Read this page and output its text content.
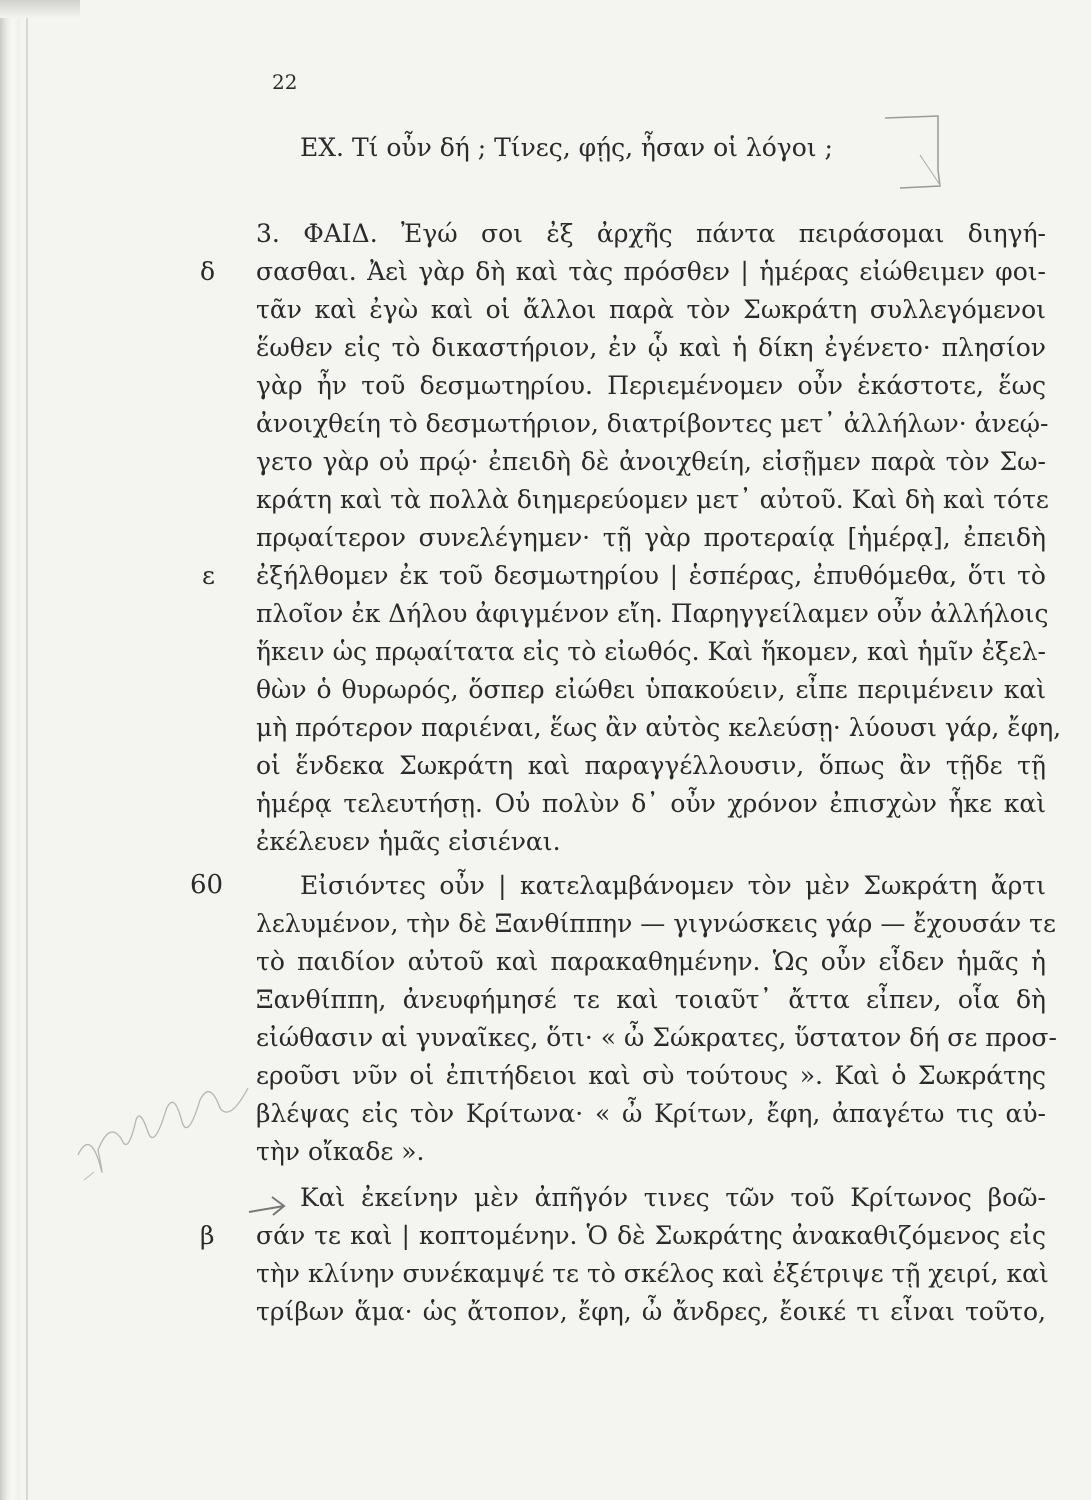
22

ΕΧ. Τί οὖν δή ; Τίνες, φῄς, ἦσαν οἱ λόγοι ;

3. ΦΑΙΔ. Ἐγώ σοι ἐξ ἀρχῆς πάντα πειράσομαι διηγή-

δ σασθαι. Ἀεὶ γὰρ δὴ καὶ τὰς πρόσθεν | ἡμέρας εἰώθειμεν φοι-

τᾶν καὶ ἐγὼ καὶ οἱ ἄλλοι παρὰ τὸν Σωκράτη συλλεγόμενοι

ἕωθεν εἰς τὸ δικαστήριον, ἐν ᾧ καὶ ἡ δίκη ἐγένετο· πλησίον

γὰρ ἦν τοῦ δεσμωτηρίου. Περιεμένομεν οὖν ἑκάστοτε, ἕως

ἀνοιχθείη τὸ δεσμωτήριον, διατρίβοντες μετ᾽ ἀλλήλων· ἀνεῴ-

γετο γὰρ οὐ πρῴ· ἐπειδὴ δὲ ἀνοιχθείη, εἰσῇμεν παρὰ τὸν Σω-

κράτη καὶ τὰ πολλὰ διημερεύομεν μετ᾽ αὐτοῦ. Καὶ δὴ καὶ τότε

πρῳαίτερον συνελέγημεν· τῇ γὰρ προτεραίᾳ [ἡμέρᾳ], ἐπειδὴ

ε ἐξήλθομεν ἐκ τοῦ δεσμωτηρίου | ἑσπέρας, ἐπυθόμεθα, ὅτι τὸ

πλοῖον ἐκ Δήλου ἀφιγμένον εἴη. Παρηγγείλαμεν οὖν ἀλλήλοις

ἥκειν ὡς πρῳαίτατα εἰς τὸ εἰωθός. Καὶ ἥκομεν, καὶ ἡμῖν ἐξελ-

θὼν ὁ θυρωρός, ὅσπερ εἰώθει ὑπακούειν, εἶπε περιμένειν καὶ

μὴ πρότερον παριέναι, ἕως ἂν αὐτὸς κελεύσῃ· λύουσι γάρ, ἔφη,

οἱ ἕνδεκα Σωκράτη καὶ παραγγέλλουσιν, ὅπως ἂν τῇδε τῇ

ἡμέρᾳ τελευτήσῃ. Οὐ πολὺν δ᾽ οὖν χρόνον ἐπισχὼν ἧκε καὶ

ἐκέλευεν ἡμᾶς εἰσιέναι.

60	Εἰσιόντες οὖν | κατελαμβάνομεν τὸν μὲν Σωκράτη ἄρτι

λελυμένον, τὴν δὲ Ξανθίππην — γιγνώσκεις γάρ — ἔχουσάν τε

τὸ παιδίον αὐτοῦ καὶ παρακαθημένην. Ὡς οὖν εἶδεν ἡμᾶς ἡ

Ξανθίππη, ἀνευφήμησέ τε καὶ τοιαῦτ᾽ ἄττα εἶπεν, οἷα δὴ

εἰώθασιν αἱ γυναῖκες, ὅτι· « ὦ Σώκρατες, ὕστατον δή σε προσ-

εροῦσι νῦν οἱ ἐπιτήδειοι καὶ σὺ τούτους ». Καὶ ὁ Σωκράτης

βλέψας εἰς τὸν Κρίτωνα· « ὦ Κρίτων, ἔφη, ἀπαγέτω τις αὐ-

τὴν οἴκαδε ».

Καὶ ἐκείνην μὲν ἀπῆγόν τινες τῶν τοῦ Κρίτωνος βοῶ-

β σάν τε καὶ | κοπτομένην. Ὁ δὲ Σωκράτης ἀνακαθιζόμενος εἰς

τὴν κλίνην συνέκαμψέ τε τὸ σκέλος καὶ ἐξέτριψε τῇ χειρί, καὶ

τρίβων ἅμα· ὡς ἄτοπον, ἔφη, ὦ ἄνδρες, ἔοικέ τι εἶναι τοῦτο,
